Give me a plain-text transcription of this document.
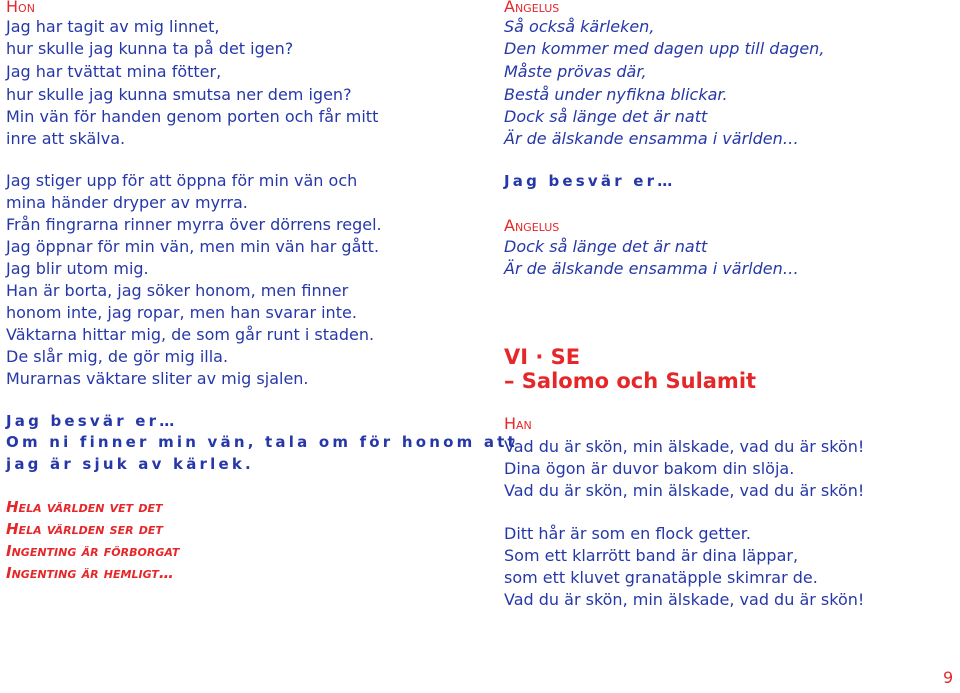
Hon
Jag har tagit av mig linnet,
hur skulle jag kunna ta på det igen?
Jag har tvättat mina fötter,
hur skulle jag kunna smutsa ner dem igen?
Min vän för handen genom porten och får mitt
inre att skälva.
Jag stiger upp för att öppna för min vän och
mina händer dryper av myrra.
Från fingrarna rinner myrra över dörrens regel.
Jag öppnar för min vän, men min vän har gått.
Jag blir utom mig.
Han är borta, jag söker honom, men finner
honom inte, jag ropar, men han svarar inte.
Väktarna hittar mig, de som går runt i staden.
De slår mig, de gör mig illa.
Murarnas väktare sliter av mig sjalen.
Jag besvär er…
Om ni finner min vän, tala om för honom att
jag är sjuk av kärlek.
Hela världen vet det
Hela världen ser det
Ingenting är förborgat
Ingenting är hemligt…
Angelus
Så också kärleken,
Den kommer med dagen upp till dagen,
Måste prövas där,
Bestå under nyfikna blickar.
Dock så länge det är natt
Är de älskande ensamma i världen…
Jag besvär er…
Angelus
Dock så länge det är natt
Är de älskande ensamma i världen…
VI · SE
– Salomo och Sulamit
Han
Vad du är skön, min älskade, vad du är skön!
Dina ögon är duvor bakom din slöja.
Vad du är skön, min älskade, vad du är skön!
Ditt hår är som en flock getter.
Som ett klarrött band är dina läppar,
som ett kluvet granatäpple skimrar de.
Vad du är skön, min älskade, vad du är skön!
9
